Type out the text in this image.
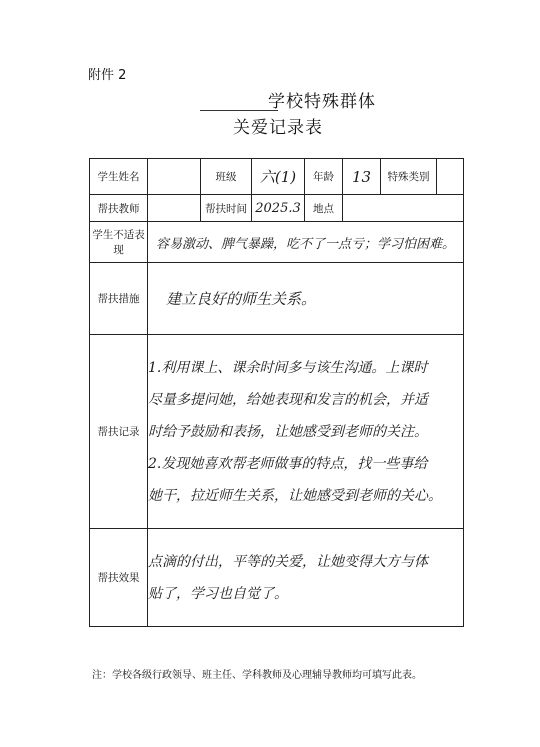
附件 2
学校特殊群体
关爱记录表
学生姓名		班级	六(1)	年龄	13	特殊类别	
帮扶教师		帮扶时间	2025.3	地点			
学生不适表现	容易激动、脾气暴躁，吃不了一点亏；学习怕困难。						
帮扶措施	建立良好的师生关系。						
帮扶记录	1.利用课上、课余时间多与该生沟通。上课时
尽量多提问她，给她表现和发言的机会，并适
时给予鼓励和表扬，让她感受到老师的关注。
2.发现她喜欢帮老师做事的特点，找一些事给
她干，拉近师生关系，让她感受到老师的关心。						

帮扶效果	点滴的付出，平等的关爱，让她变得大方与体
贴了，学习也自觉了。						
注：学校各级行政领导、班主任、学科教师及心理辅导教师均可填写此表。
